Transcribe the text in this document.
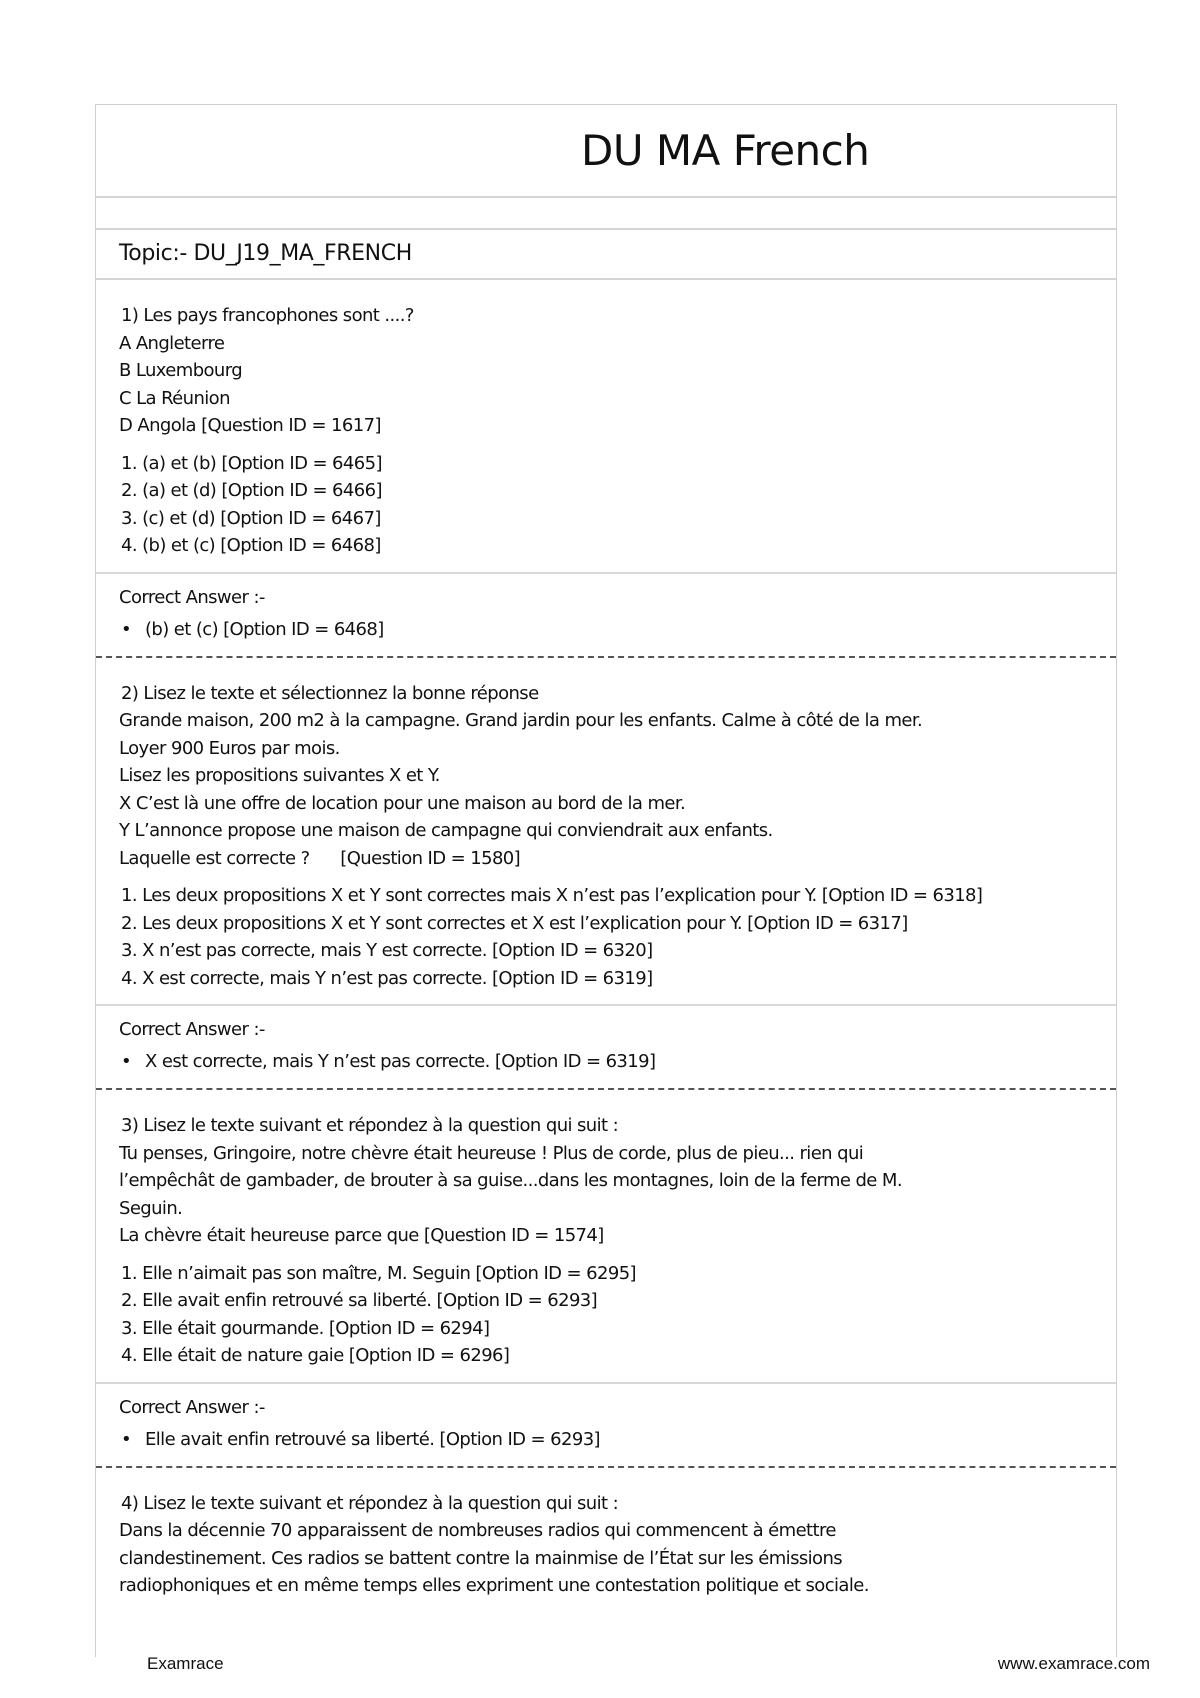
DU MA French
Topic:- DU_J19_MA_FRENCH
1) Les pays francophones sont ....?
A Angleterre
B Luxembourg
C La Réunion
D Angola [Question ID = 1617]
1. (a) et (b) [Option ID = 6465]
2. (a) et (d) [Option ID = 6466]
3. (c) et (d) [Option ID = 6467]
4. (b) et (c) [Option ID = 6468]
Correct Answer :-
• (b) et (c) [Option ID = 6468]
2) Lisez le texte et sélectionnez la bonne réponse
Grande maison, 200 m2 à la campagne. Grand jardin pour les enfants. Calme à côté de la mer.
Loyer 900 Euros par mois.
Lisez les propositions suivantes X et Y.
X C’est là une offre de location pour une maison au bord de la mer.
Y L’annonce propose une maison de campagne qui conviendrait aux enfants.
Laquelle est correcte ?      [Question ID = 1580]
1. Les deux propositions X et Y sont correctes mais X n’est pas l’explication pour Y. [Option ID = 6318]
2. Les deux propositions X et Y sont correctes et X est l’explication pour Y. [Option ID = 6317]
3. X n’est pas correcte, mais Y est correcte. [Option ID = 6320]
4. X est correcte, mais Y n’est pas correcte. [Option ID = 6319]
Correct Answer :-
• X est correcte, mais Y n’est pas correcte. [Option ID = 6319]
3) Lisez le texte suivant et répondez à la question qui suit :
Tu penses, Gringoire, notre chèvre était heureuse ! Plus de corde, plus de pieu... rien qui
l’empêchât de gambader, de brouter à sa guise...dans les montagnes, loin de la ferme de M.
Seguin.
La chèvre était heureuse parce que [Question ID = 1574]
1. Elle n’aimait pas son maître, M. Seguin [Option ID = 6295]
2. Elle avait enfin retrouvé sa liberté. [Option ID = 6293]
3. Elle était gourmande. [Option ID = 6294]
4. Elle était de nature gaie [Option ID = 6296]
Correct Answer :-
• Elle avait enfin retrouvé sa liberté. [Option ID = 6293]
4) Lisez le texte suivant et répondez à la question qui suit :
Dans la décennie 70 apparaissent de nombreuses radios qui commencent à émettre
clandestinement. Ces radios se battent contre la mainmise de l’État sur les émissions
radiophoniques et en même temps elles expriment une contestation politique et sociale.
Examrace	www.examrace.com
